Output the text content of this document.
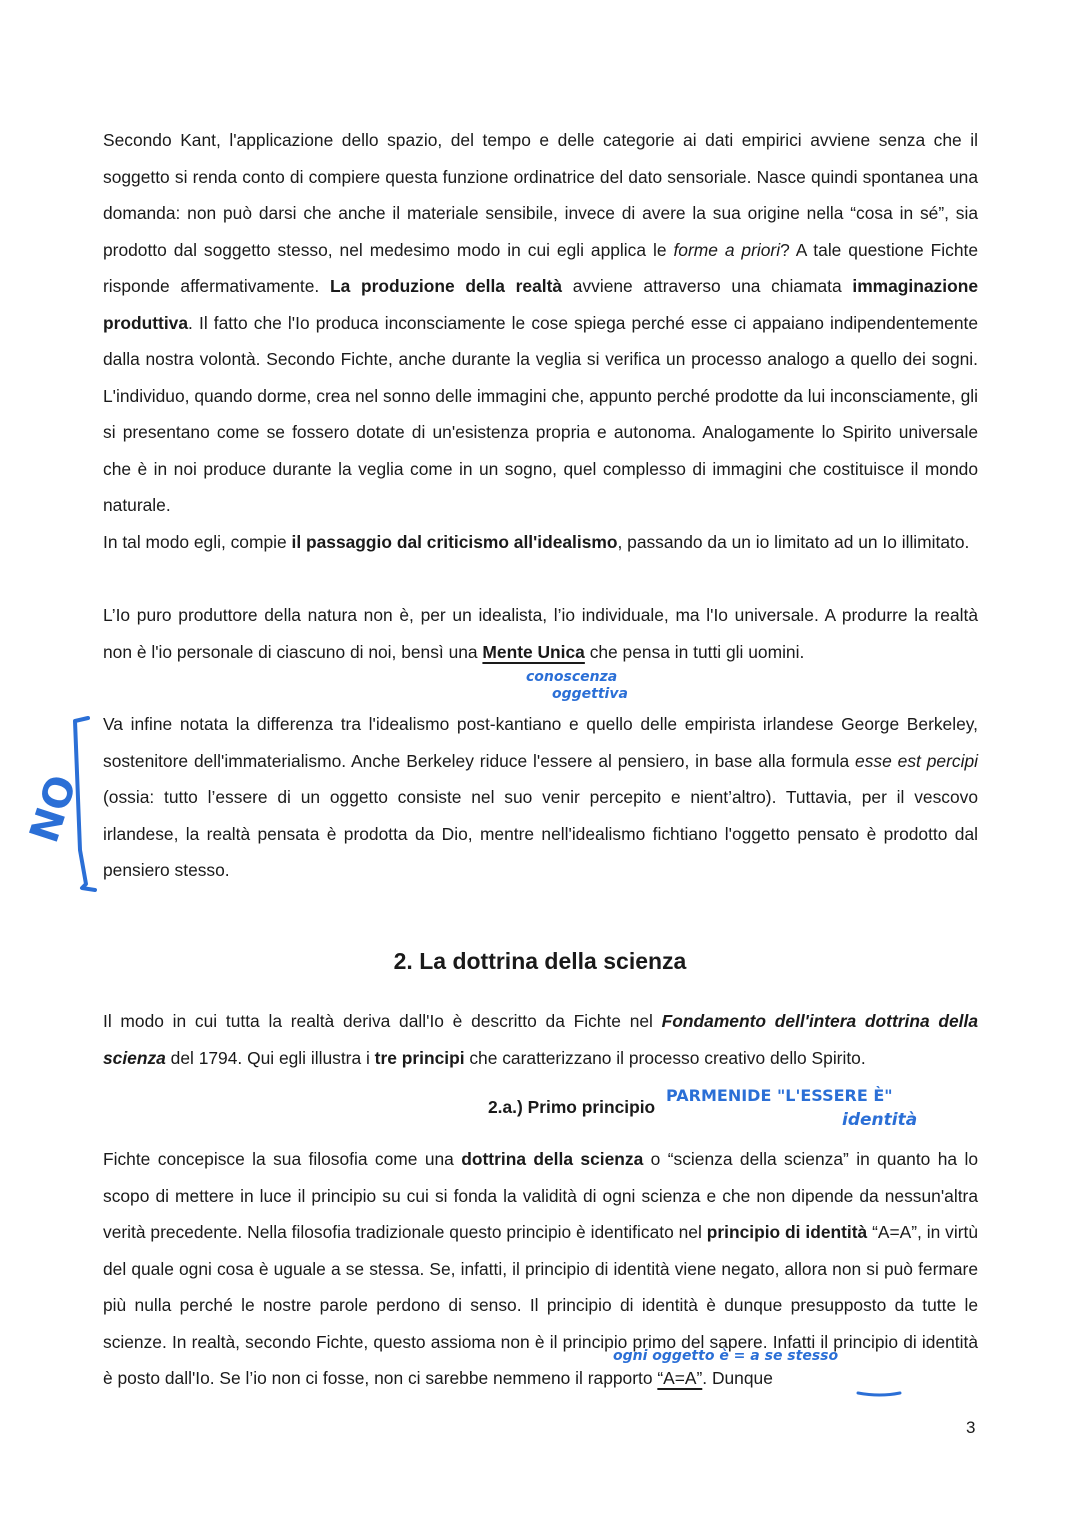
Secondo Kant, l'applicazione dello spazio, del tempo e delle categorie ai dati empirici avviene senza che il soggetto si renda conto di compiere questa funzione ordinatrice del dato sensoriale. Nasce quindi spontanea una domanda: non può darsi che anche il materiale sensibile, invece di avere la sua origine nella “cosa in sé”, sia prodotto dal soggetto stesso, nel medesimo modo in cui egli applica le forme a priori? A tale questione Fichte risponde affermativamente. La produzione della realtà avviene attraverso una chiamata immaginazione produttiva. Il fatto che l'Io produca inconsciamente le cose spiega perché esse ci appaiano indipendentemente dalla nostra volontà. Secondo Fichte, anche durante la veglia si verifica un processo analogo a quello dei sogni. L'individuo, quando dorme, crea nel sonno delle immagini che, appunto perché prodotte da lui inconsciamente, gli si presentano come se fossero dotate di un'esistenza propria e autonoma. Analogamente lo Spirito universale che è in noi produce durante la veglia come in un sogno, quel complesso di immagini che costituisce il mondo naturale.

In tal modo egli, compie il passaggio dal criticismo all'idealismo, passando da un io limitato ad un Io illimitato.

L’Io puro produttore della natura non è, per un idealista, l’io individuale, ma l'Io universale. A produrre la realtà non è l'io personale di ciascuno di noi, bensì una Mente Unica che pensa in tutti gli uomini.

Va infine notata la differenza tra l'idealismo post-kantiano e quello delle empirista irlandese George Berkeley, sostenitore dell'immaterialismo. Anche Berkeley riduce l'essere al pensiero, in base alla formula esse est percipi (ossia: tutto l’essere di un oggetto consiste nel suo venir percepito e nient’altro). Tuttavia, per il vescovo irlandese, la realtà pensata è prodotta da Dio, mentre nell'idealismo fichtiano l'oggetto pensato è prodotto dal pensiero stesso.

2. La dottrina della scienza

Il modo in cui tutta la realtà deriva dall'Io è descritto da Fichte nel Fondamento dell'intera dottrina della scienza del 1794. Qui egli illustra i tre principi che caratterizzano il processo creativo dello Spirito.

2.a.) Primo principio

Fichte concepisce la sua filosofia come una dottrina della scienza o “scienza della scienza” in quanto ha lo scopo di mettere in luce il principio su cui si fonda la validità di ogni scienza e che non dipende da nessun'altra verità precedente. Nella filosofia tradizionale questo principio è identificato nel principio di identità “A=A”, in virtù del quale ogni cosa è uguale a se stessa. Se, infatti, il principio di identità viene negato, allora non si può fermare più nulla perché le nostre parole perdono di senso. Il principio di identità è dunque presupposto da tutte le scienze. In realtà, secondo Fichte, questo assioma non è il principio primo del sapere. Infatti il principio di identità è posto dall'Io. Se l’io non ci fosse, non ci sarebbe nemmeno il rapporto “A=A”. Dunque

3
conoscenza
oggettiva
NO
PARMENIDE "L'ESSERE È"
identità
ogni oggetto è = a se stesso
